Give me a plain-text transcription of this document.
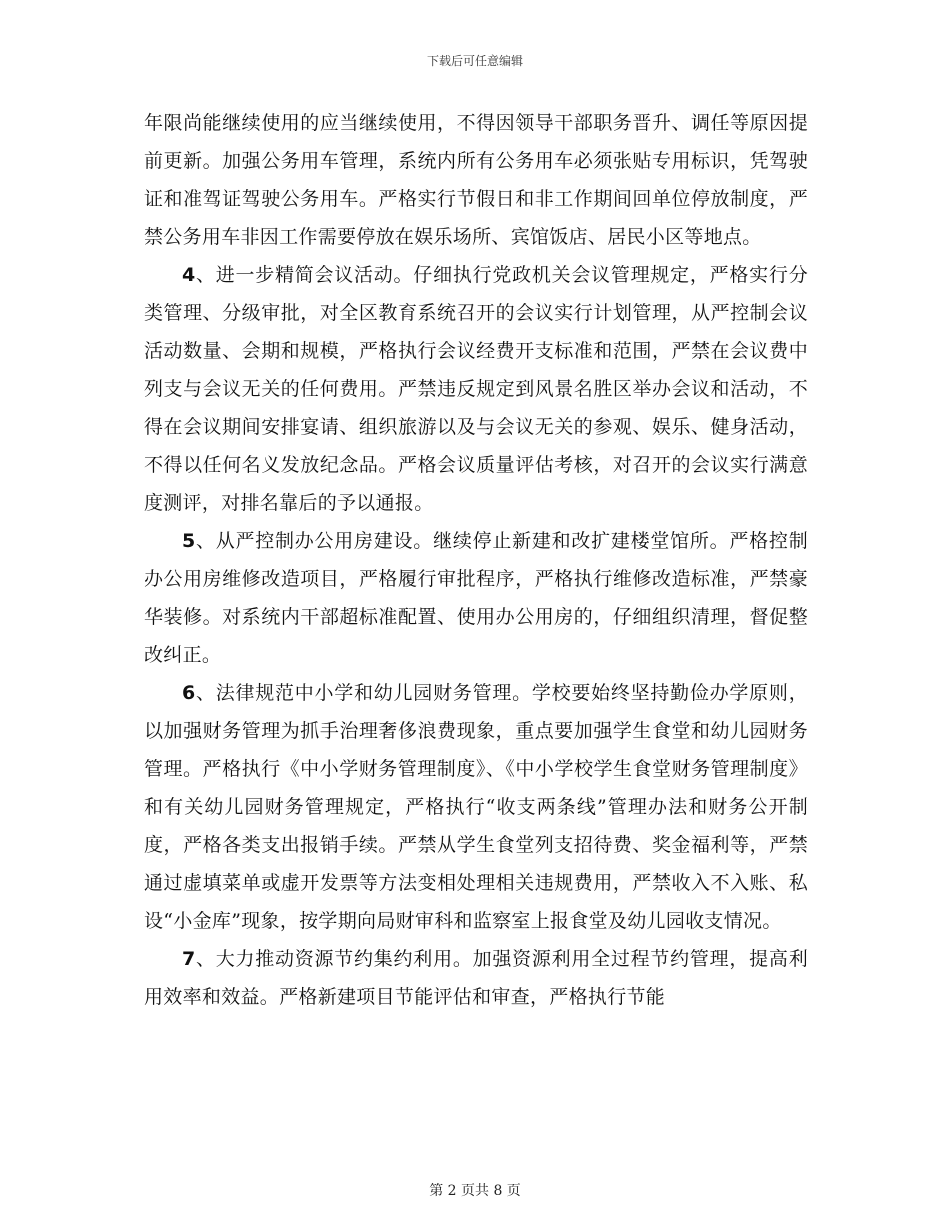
下载后可任意编辑

年限尚能继续使用的应当继续使用，不得因领导干部职务晋升、调任等原因提前更新。加强公务用车管理，系统内所有公务用车必须张贴专用标识，凭驾驶证和准驾证驾驶公务用车。严格实行节假日和非工作期间回单位停放制度，严禁公务用车非因工作需要停放在娱乐场所、宾馆饭店、居民小区等地点。

4、进一步精简会议活动。仔细执行党政机关会议管理规定，严格实行分类管理、分级审批，对全区教育系统召开的会议实行计划管理，从严控制会议活动数量、会期和规模，严格执行会议经费开支标准和范围，严禁在会议费中列支与会议无关的任何费用。严禁违反规定到风景名胜区举办会议和活动，不得在会议期间安排宴请、组织旅游以及与会议无关的参观、娱乐、健身活动，不得以任何名义发放纪念品。严格会议质量评估考核，对召开的会议实行满意度测评，对排名靠后的予以通报。

5、从严控制办公用房建设。继续停止新建和改扩建楼堂馆所。严格控制办公用房维修改造项目，严格履行审批程序，严格执行维修改造标准，严禁豪华装修。对系统内干部超标准配置、使用办公用房的，仔细组织清理，督促整改纠正。

6、法律规范中小学和幼儿园财务管理。学校要始终坚持勤俭办学原则，以加强财务管理为抓手治理奢侈浪费现象，重点要加强学生食堂和幼儿园财务管理。严格执行《中小学财务管理制度》、《中小学校学生食堂财务管理制度》和有关幼儿园财务管理规定，严格执行“收支两条线”管理办法和财务公开制度，严格各类支出报销手续。严禁从学生食堂列支招待费、奖金福利等，严禁通过虚填菜单或虚开发票等方法变相处理相关违规费用，严禁收入不入账、私设“小金库”现象，按学期向局财审科和监察室上报食堂及幼儿园收支情况。

7、大力推动资源节约集约利用。加强资源利用全过程节约管理，提高利用效率和效益。严格新建项目节能评估和审查，严格执行节能

第 2 页共 8 页
